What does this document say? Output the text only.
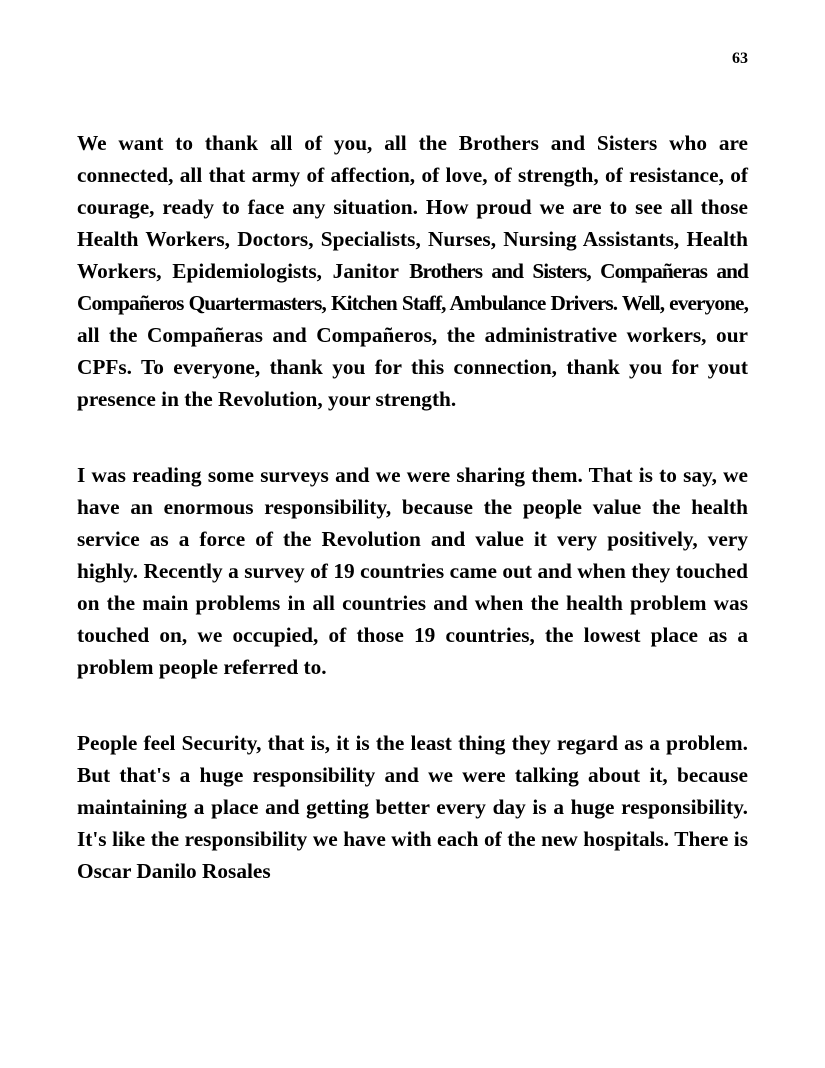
63

We want to thank all of you, all the Brothers and Sisters who are connected, all that army of affection, of love, of strength, of resistance, of courage, ready to face any situation. How proud we are to see all those Health Workers, Doctors, Specialists, Nurses, Nursing Assistants, Health Workers, Epidemiologists, Janitor Brothers and Sisters, Compañeras and Compañeros Quartermasters, Kitchen Staff, Ambulance Drivers. Well, everyone, all the Compañeras and Compañeros, the administrative workers, our CPFs. To everyone, thank you for this connection, thank you for yout presence in the Revolution, your strength.

I was reading some surveys and we were sharing them. That is to say, we have an enormous responsibility, because the people value the health service as a force of the Revolution and value it very positively, very highly. Recently a survey of 19 countries came out and when they touched on the main problems in all countries and when the health problem was touched on, we occupied, of those 19 countries, the lowest place as a problem people referred to.

People feel Security, that is, it is the least thing they regard as a problem. But that's a huge responsibility and we were talking about it, because maintaining a place and getting better every day is a huge responsibility. It's like the responsibility we have with each of the new hospitals. There is Oscar Danilo Rosales
